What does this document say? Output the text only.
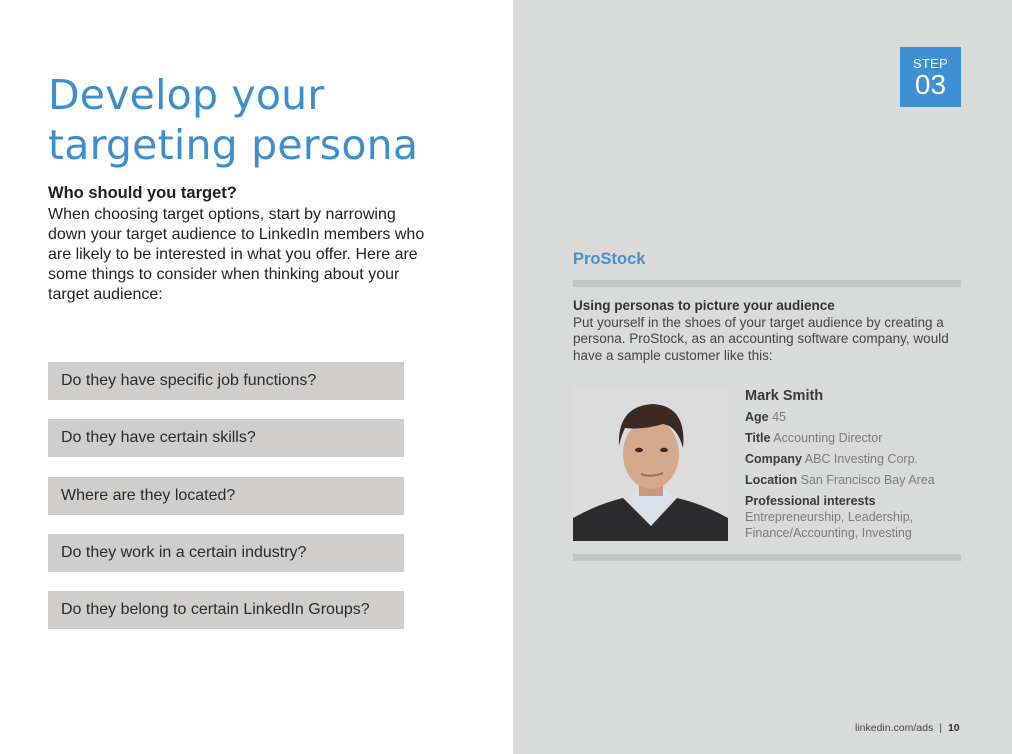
Develop your
targeting persona
Who should you target?
When choosing target options, start by narrowing down your target audience to LinkedIn members who are likely to be interested in what you offer. Here are some things to consider when thinking about your target audience:
Do they have specific job functions?
Do they have certain skills?
Where are they located?
Do they work in a certain industry?
Do they belong to certain LinkedIn Groups?
STEP
03
ProStock
Using personas to picture your audience
Put yourself in the shoes of your target audience by creating a persona. ProStock, as an accounting software company, would have a sample customer like this:
Mark Smith
Age 45
Title Accounting Director
Company ABC Investing Corp.
Location San Francisco Bay Area
Professional interests
Entrepreneurship, Leadership, Finance/Accounting, Investing
linkedin.com/ads | 10
